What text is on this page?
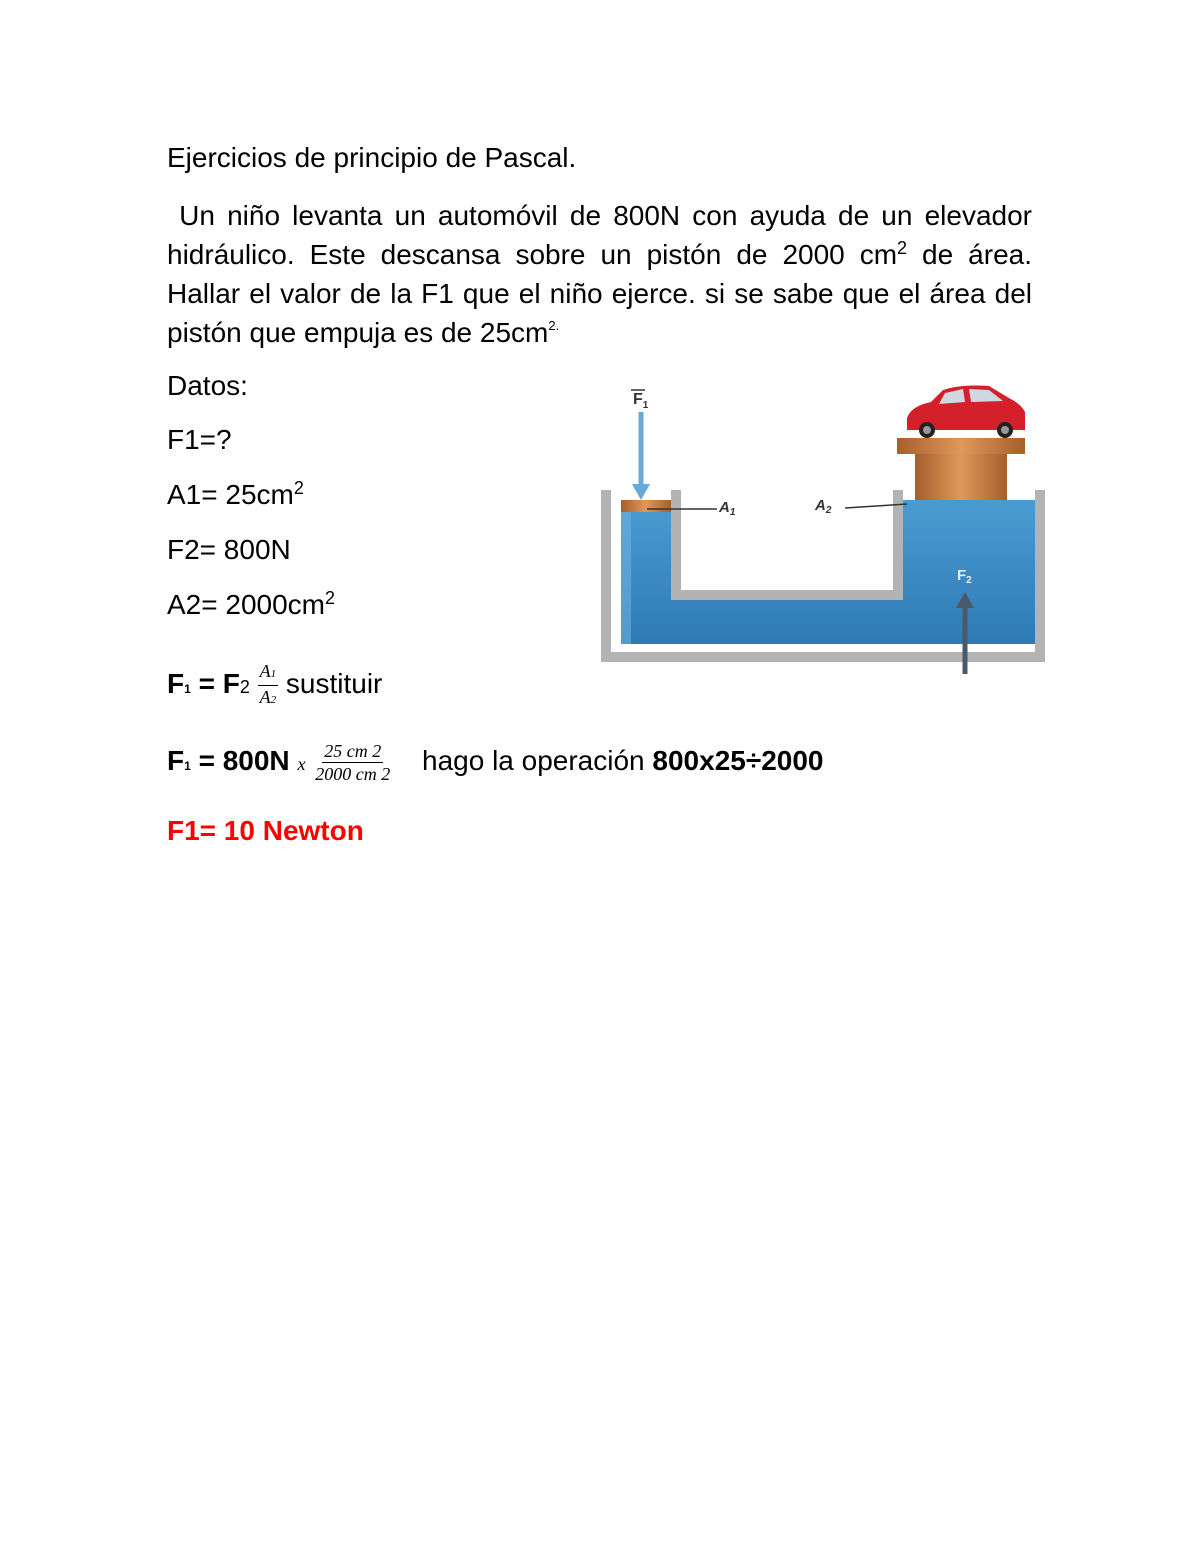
Ejercicios de principio de Pascal.
Un niño levanta un automóvil de 800N con ayuda de un elevador hidráulico. Este descansa sobre un pistón de 2000 $cm^2$ de área. Hallar el valor de la F1 que el niño ejerce. si se sabe que el área del pistón que empuja es de $25cm^{2.}$
Datos:
F1=?
$A1= 25cm^2$
F2= 800N
$A2= 2000cm^2$
$F1 = F2 \frac{A1}{A2}$ sustituir
F1 = 800N x $\frac{25 cm 2}{2000 cm 2}$ hago la operación 800x25÷2000
F1= 10 Newton
$F_1$
$A_1$	$A_2$
$F_2$
